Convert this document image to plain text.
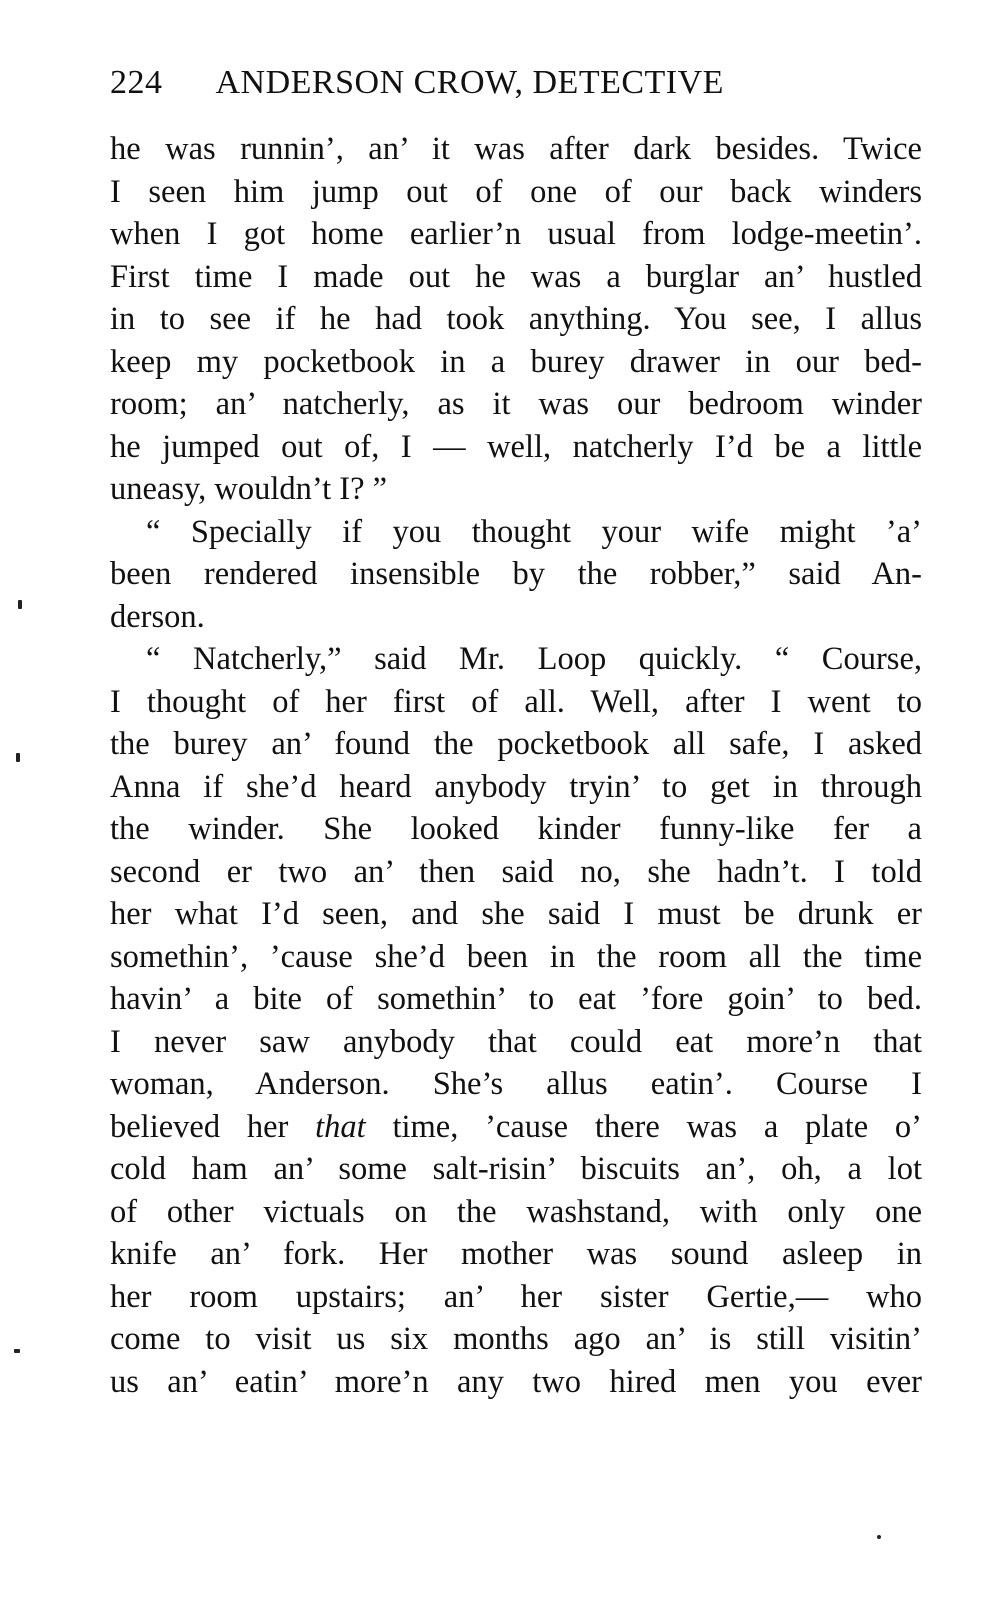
224 ANDERSON CROW, DETECTIVE
he was runnin’, an’ it was after dark besides. Twice
I seen him jump out of one of our back winders
when I got home earlier’n usual from lodge-meetin’.
First time I made out he was a burglar an’ hustled
in to see if he had took anything. You see, I allus
keep my pocketbook in a burey drawer in our bed-
room; an’ natcherly, as it was our bedroom winder
he jumped out of, I — well, natcherly I’d be a little
uneasy, wouldn’t I? ”
“ Specially if you thought your wife might ’a’
been rendered insensible by the robber,” said An-
derson.
“ Natcherly,” said Mr. Loop quickly. “ Course,
I thought of her first of all. Well, after I went to
the burey an’ found the pocketbook all safe, I asked
Anna if she’d heard anybody tryin’ to get in through
the winder. She looked kinder funny-like fer a
second er two an’ then said no, she hadn’t. I told
her what I’d seen, and she said I must be drunk er
somethin’, ’cause she’d been in the room all the time
havin’ a bite of somethin’ to eat ’fore goin’ to bed.
I never saw anybody that could eat more’n that
woman, Anderson. She’s allus eatin’. Course I
believed her that time, ’cause there was a plate o’
cold ham an’ some salt-risin’ biscuits an’, oh, a lot
of other victuals on the washstand, with only one
knife an’ fork. Her mother was sound asleep in
her room upstairs; an’ her sister Gertie,— who
come to visit us six months ago an’ is still visitin’
us an’ eatin’ more’n any two hired men you ever
